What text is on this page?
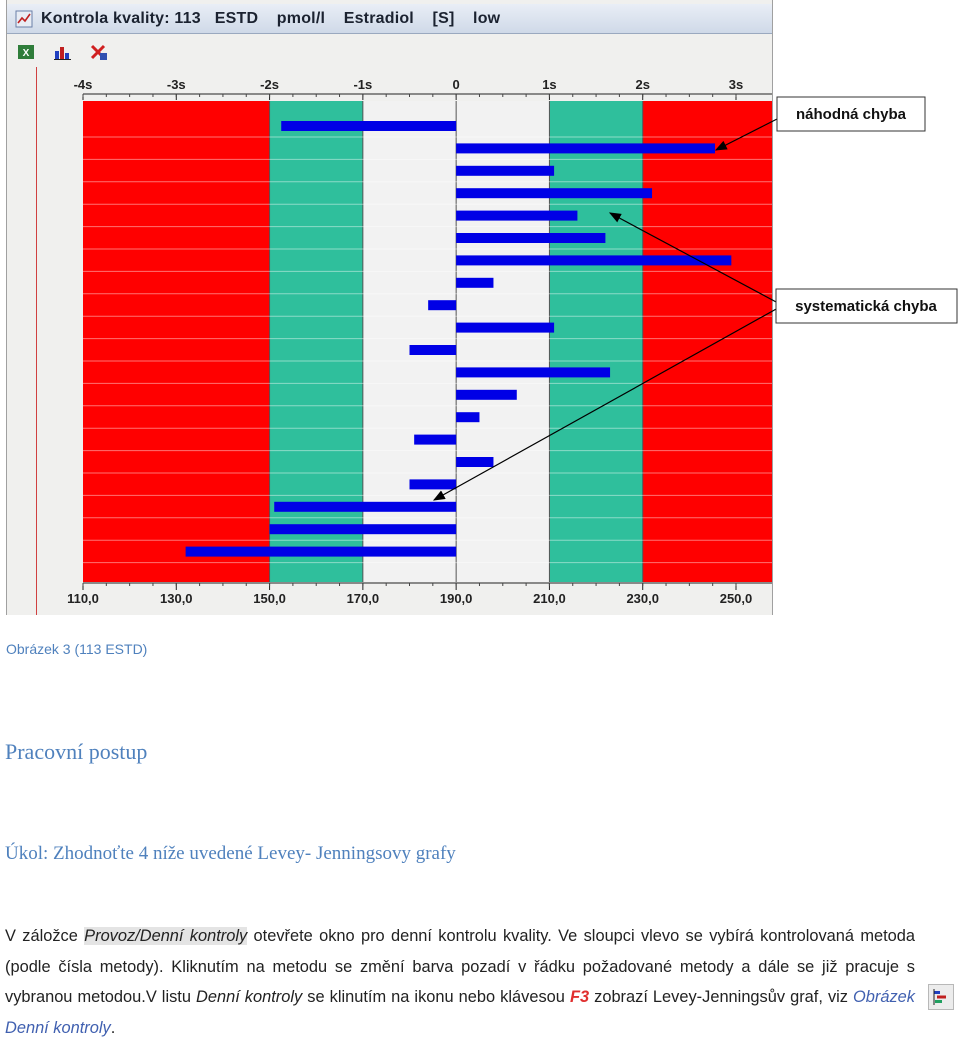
Kontrola kvality: 113   ESTD    pmol/l    Estradiol    [S]    low
X
-4s	-3s	-2s	-1s	0	1s	2s	3s
110,0	130,0	150,0	170,0	190,0	210,0	230,0	250,0
náhodná chyba
systematická chyba
Obrázek 3 (113 ESTD)
Pracovní postup
Úkol: Zhodnoťte 4 níže uvedené Levey- Jenningsovy grafy
V záložce Provoz/Denní kontroly otevřete okno pro denní kontrolu kvality. Ve sloupci vlevo se vybírá kontrolovaná metoda (podle čísla metody). Kliknutím na metodu se změní barva pozadí v řádku požadované metody a dále se již pracuje s vybranou metodou.V listu Denní kontroly se klinutím na ikonu nebo klávesou F3 zobrazí Levey-Jenningsův graf, viz Obrázek Denní kontroly.
